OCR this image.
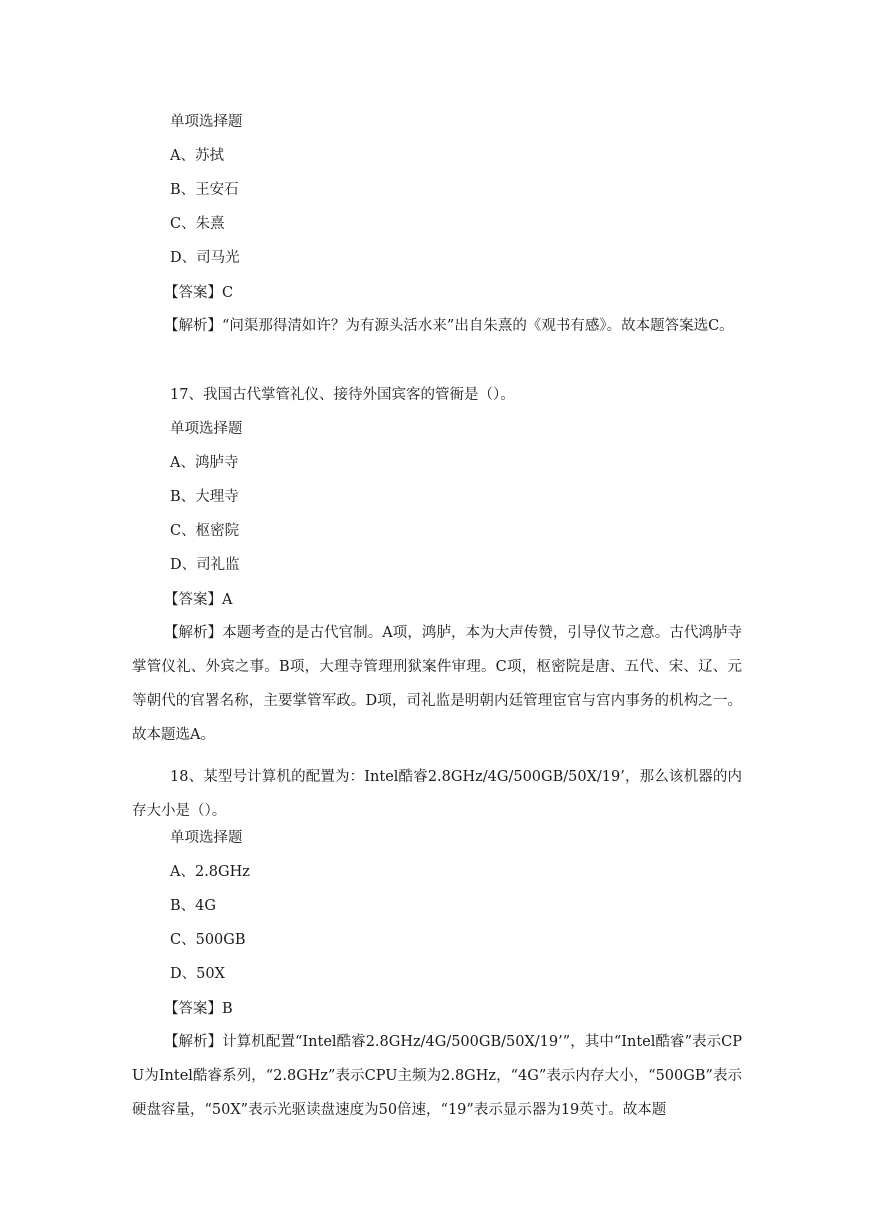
单项选择题
A、苏拭
B、王安石
C、朱熹
D、司马光
【答案】C
【解析】“问渠那得清如许？为有源头活水来”出自朱熹的《观书有感》。故本题答案选C。
17、我国古代掌管礼仪、接待外国宾客的管衙是（）。
单项选择题
A、鸿胪寺
B、大理寺
C、枢密院
D、司礼监
【答案】A
【解析】本题考查的是古代官制。A项，鸿胪，本为大声传赞，引导仪节之意。古代鸿胪寺掌管仪礼、外宾之事。B项，大理寺管理刑狱案件审理。C项，枢密院是唐、五代、宋、辽、元等朝代的官署名称，主要掌管军政。D项，司礼监是明朝内廷管理宦官与宫内事务的机构之一。故本题选A。
18、某型号计算机的配置为：Intel酷睿2.8GHz/4G/500GB/50X/19’，那么该机器的内存大小是（）。
单项选择题
A、2.8GHz
B、4G
C、500GB
D、50X
【答案】B
【解析】计算机配置“Intel酷睿2.8GHz/4G/500GB/50X/19’”，其中“Intel酷睿”表示CPU为Intel酷睿系列，“2.8GHz”表示CPU主频为2.8GHz，“4G”表示内存大小，“500GB”表示硬盘容量，“50X”表示光驱读盘速度为50倍速，“19”表示显示器为19英寸。故本题
